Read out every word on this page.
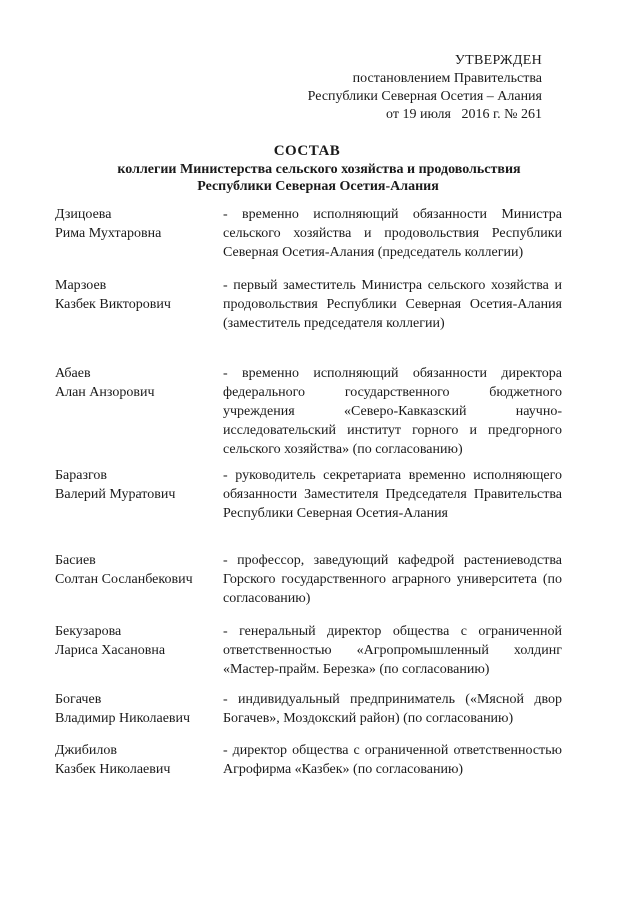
УТВЕРЖДЕН
постановлением Правительства
Республики Северная Осетия – Алания
от 19 июля   2016 г. № 261
СОСТАВ
коллегии Министерства сельского хозяйства и продовольствия
Республики Северная Осетия-Алания
Дзицоева
Рима Мухтаровна
- временно исполняющий обязанности Министра сельского хозяйства и продовольствия Республики Северная Осетия-Алания (председатель коллегии)
Марзоев
Казбек Викторович
- первый заместитель Министра сельского хозяйства и продовольствия Республики Северная Осетия-Алания (заместитель председателя коллегии)
Абаев
Алан Анзорович
- временно исполняющий обязанности директора федерального государственного бюджетного учреждения «Северо-Кавказский научно-исследовательский институт горного и предгорного сельского хозяйства» (по согласованию)
Баразгов
Валерий Муратович
- руководитель секретариата временно исполняющего обязанности Заместителя Председателя Правительства Республики Северная Осетия-Алания
Басиев
Солтан Сосланбекович
- профессор, заведующий кафедрой растениеводства Горского государственного аграрного университета (по согласованию)
Бекузарова
Лариса Хасановна
- генеральный директор общества с ограниченной ответственностью «Агропромышленный холдинг «Мастер-прайм. Березка» (по согласованию)
Богачев
Владимир Николаевич
- индивидуальный предприниматель («Мясной двор Богачев», Моздокский район) (по согласованию)
Джибилов
Казбек Николаевич
- директор общества с ограниченной ответственностью Агрофирма «Казбек» (по согласованию)
